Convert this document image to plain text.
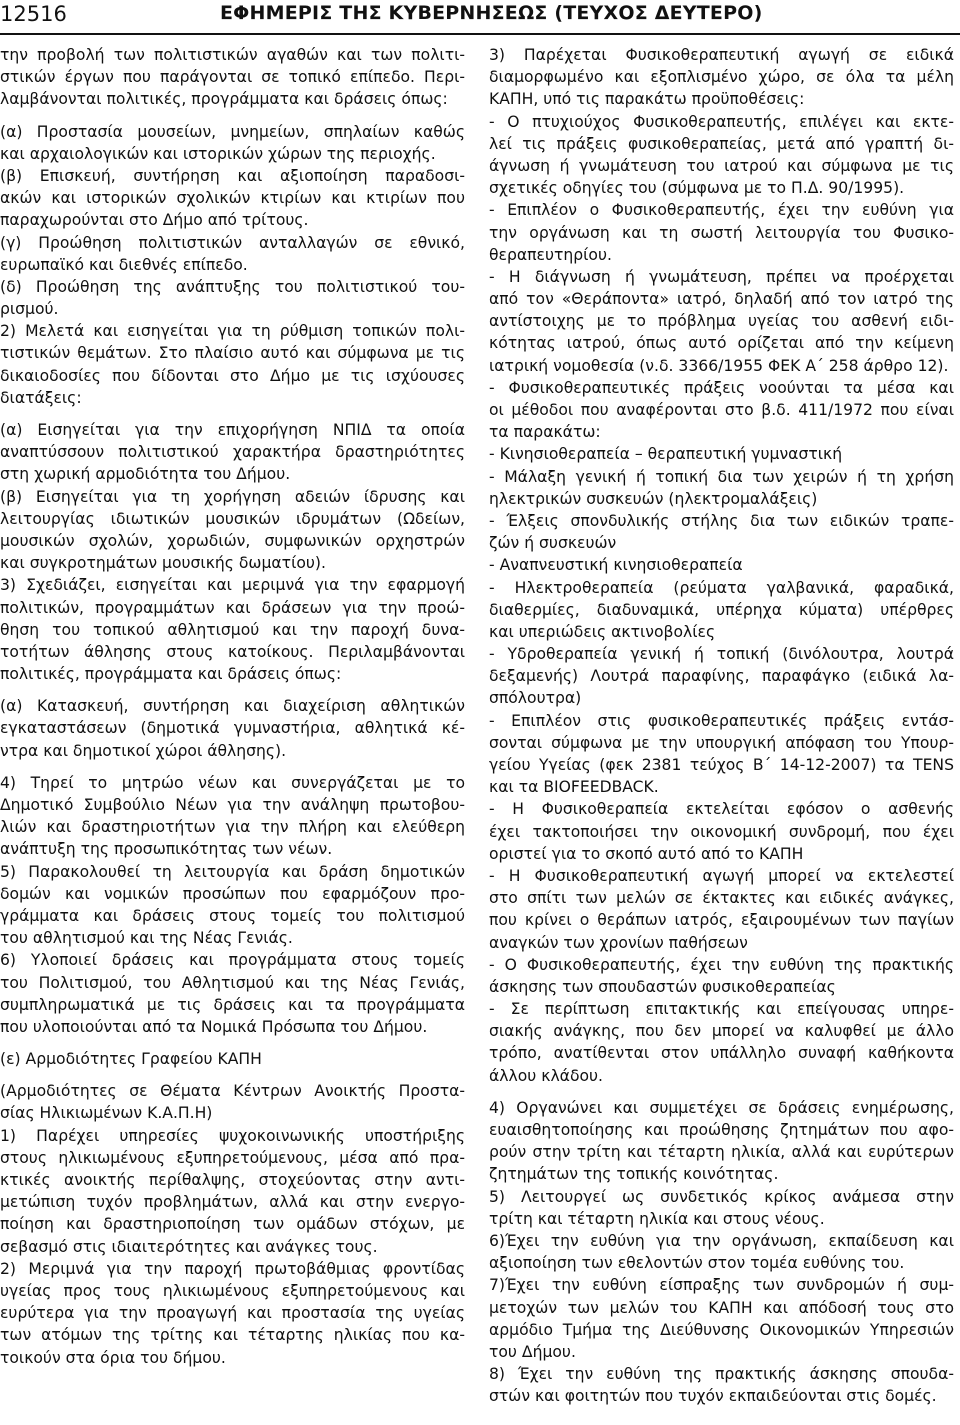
12516	ΕΦΗΜΕΡΙΣ ΤΗΣ ΚΥΒΕΡΝΗΣΕΩΣ (ΤΕΥΧΟΣ ΔΕΥΤΕΡΟ)
την προβολή των πολιτιστικών αγαθών και των πολιτι-
στικών έργων που παράγονται σε τοπικό επίπεδο. Περι-
λαμβάνονται πολιτικές, προγράμματα και δράσεις όπως:
(α) Προστασία μουσείων, μνημείων, σπηλαίων καθώς
και αρχαιολογικών και ιστορικών χώρων της περιοχής.
(β) Επισκευή, συντήρηση και αξιοποίηση παραδοσι-
ακών και ιστορικών σχολικών κτιρίων και κτιρίων που
παραχωρούνται στο Δήμο από τρίτους.
(γ) Προώθηση πολιτιστικών ανταλλαγών σε εθνικό,
ευρωπαϊκό και διεθνές επίπεδο.
(δ) Προώθηση της ανάπτυξης του πολιτιστικού του-
ρισμού.
2) Μελετά και εισηγείται για τη ρύθμιση τοπικών πολι-
τιστικών θεμάτων. Στο πλαίσιο αυτό και σύμφωνα με τις
δικαιοδοσίες που δίδονται στο Δήμο με τις ισχύουσες
διατάξεις:
(α) Εισηγείται για την επιχορήγηση ΝΠΙΔ τα οποία
αναπτύσσουν πολιτιστικού χαρακτήρα δραστηριότητες
στη χωρική αρμοδιότητα του Δήμου.
(β) Εισηγείται για τη χορήγηση αδειών ίδρυσης και
λειτουργίας ιδιωτικών μουσικών ιδρυμάτων (Ωδείων,
μουσικών σχολών, χορωδιών, συμφωνικών ορχηστρών
και συγκροτημάτων μουσικής δωματίου).
3) Σχεδιάζει, εισηγείται και μεριμνά για την εφαρμογή
πολιτικών, προγραμμάτων και δράσεων για την προώ-
θηση του τοπικού αθλητισμού και την παροχή δυνα-
τοτήτων άθλησης στους κατοίκους. Περιλαμβάνονται
πολιτικές, προγράμματα και δράσεις όπως:
(α) Κατασκευή, συντήρηση και διαχείριση αθλητικών
εγκαταστάσεων (δημοτικά γυμναστήρια, αθλητικά κέ-
ντρα και δημοτικοί χώροι άθλησης).
4) Τηρεί το μητρώο νέων και συνεργάζεται με το
Δημοτικό Συμβούλιο Νέων για την ανάληψη πρωτοβου-
λιών και δραστηριοτήτων για την πλήρη και ελεύθερη
ανάπτυξη της προσωπικότητας των νέων.
5) Παρακολουθεί τη λειτουργία και δράση δημοτικών
δομών και νομικών προσώπων που εφαρμόζουν προ-
γράμματα και δράσεις στους τομείς του πολιτισμού
του αθλητισμού και της Νέας Γενιάς.
6) Υλοποιεί δράσεις και προγράμματα στους τομείς
του Πολιτισμού, του Αθλητισμού και της Νέας Γενιάς,
συμπληρωματικά με τις δράσεις και τα προγράμματα
που υλοποιούνται από τα Νομικά Πρόσωπα του Δήμου.
(ε) Αρμοδιότητες Γραφείου ΚΑΠΗ
(Αρμοδιότητες σε Θέματα Κέντρων Ανοικτής Προστα-
σίας Ηλικιωμένων Κ.Α.Π.Η)
1) Παρέχει υπηρεσίες ψυχοκοινωνικής υποστήριξης
στους ηλικιωμένους εξυπηρετούμενους, μέσα από πρα-
κτικές ανοικτής περίθαλψης, στοχεύοντας στην αντι-
μετώπιση τυχόν προβλημάτων, αλλά και στην ενεργο-
ποίηση και δραστηριοποίηση των ομάδων στόχων, με
σεβασμό στις ιδιαιτερότητες και ανάγκες τους.
2) Μεριμνά για την παροχή πρωτοβάθμιας φροντίδας
υγείας προς τους ηλικιωμένους εξυπηρετούμενους και
ευρύτερα για την προαγωγή και προστασία της υγείας
των ατόμων της τρίτης και τέταρτης ηλικίας που κα-
τοικούν στα όρια του δήμου.
3) Παρέχεται Φυσικοθεραπευτική αγωγή σε ειδικά
διαμορφωμένο και εξοπλισμένο χώρο, σε όλα τα μέλη
ΚΑΠΗ, υπό τις παρακάτω προϋποθέσεις:
- Ο πτυχιούχος Φυσικοθεραπευτής, επιλέγει και εκτε-
λεί τις πράξεις φυσικοθεραπείας, μετά από γραπτή δι-
άγνωση ή γνωμάτευση του ιατρού και σύμφωνα με τις
σχετικές οδηγίες του (σύμφωνα με το Π.Δ. 90/1995).
- Επιπλέον ο Φυσικοθεραπευτής, έχει την ευθύνη για
την οργάνωση και τη σωστή λειτουργία του Φυσικο-
θεραπευτηρίου.
- Η διάγνωση ή γνωμάτευση, πρέπει να προέρχεται
από τον «Θεράποντα» ιατρό, δηλαδή από τον ιατρό της
αντίστοιχης με το πρόβλημα υγείας του ασθενή ειδι-
κότητας ιατρού, όπως αυτό ορίζεται από την κείμενη
ιατρική νομοθεσία (ν.δ. 3366/1955 ΦΕΚ Α΄ 258 άρθρο 12).
- Φυσικοθεραπευτικές πράξεις νοούνται τα μέσα και
οι μέθοδοι που αναφέρονται στο β.δ. 411/1972 που είναι
τα παρακάτω:
- Κινησιοθεραπεία – θεραπευτική γυμναστική
- Μάλαξη γενική ή τοπική δια των χειρών ή τη χρήση
ηλεκτρικών συσκευών (ηλεκτρομαλάξεις)
- Έλξεις σπονδυλικής στήλης δια των ειδικών τραπε-
ζών ή συσκευών
- Αναπνευστική κινησιοθεραπεία
- Ηλεκτροθεραπεία (ρεύματα γαλβανικά, φαραδικά,
διαθερμίες, διαδυναμικά, υπέρηχα κύματα) υπέρθρες
και υπεριώδεις ακτινοβολίες
- Υδροθεραπεία γενική ή τοπική (δινόλουτρα, λουτρά
δεξαμενής) Λουτρά παραφίνης, παραφάγκο (ειδικά λα-
σπόλουτρα)
- Επιπλέον στις φυσικοθεραπευτικές πράξεις εντάσ-
σονται σύμφωνα με την υπουργική απόφαση του Υπουρ-
γείου Υγείας (φεκ 2381 τεύχος Β΄ 14-12-2007) τα TENS
και τα BIOFEEDBACK.
- Η Φυσικοθεραπεία εκτελείται εφόσον ο ασθενής
έχει τακτοποιήσει την οικονομική συνδρομή, που έχει
οριστεί για το σκοπό αυτό από το ΚΑΠΗ
- Η Φυσικοθεραπευτική αγωγή μπορεί να εκτελεστεί
στο σπίτι των μελών σε έκτακτες και ειδικές ανάγκες,
που κρίνει ο θεράπων ιατρός, εξαιρουμένων των παγίων
αναγκών των χρονίων παθήσεων
- Ο Φυσικοθεραπευτής, έχει την ευθύνη της πρακτικής
άσκησης των σπουδαστών φυσικοθεραπείας
- Σε περίπτωση επιτακτικής και επείγουσας υπηρε-
σιακής ανάγκης, που δεν μπορεί να καλυφθεί με άλλο
τρόπο, ανατίθενται στον υπάλληλο συναφή καθήκοντα
άλλου κλάδου.
4) Οργανώνει και συμμετέχει σε δράσεις ενημέρωσης,
ευαισθητοποίησης και προώθησης ζητημάτων που αφο-
ρούν στην τρίτη και τέταρτη ηλικία, αλλά και ευρύτερων
ζητημάτων της τοπικής κοινότητας.
5) Λειτουργεί ως συνδετικός κρίκος ανάμεσα στην
τρίτη και τέταρτη ηλικία και στους νέους.
6)Έχει την ευθύνη για την οργάνωση, εκπαίδευση και
αξιοποίηση των εθελοντών στον τομέα ευθύνης του.
7)Έχει την ευθύνη είσπραξης των συνδρομών ή συμ-
μετοχών των μελών του ΚΑΠΗ και απόδοσή τους στο
αρμόδιο Τμήμα της Διεύθυνσης Οικονομικών Υπηρεσιών
του Δήμου.
8) Έχει την ευθύνη της πρακτικής άσκησης σπουδα-
στών και φοιτητών που τυχόν εκπαιδεύονται στις δομές.
